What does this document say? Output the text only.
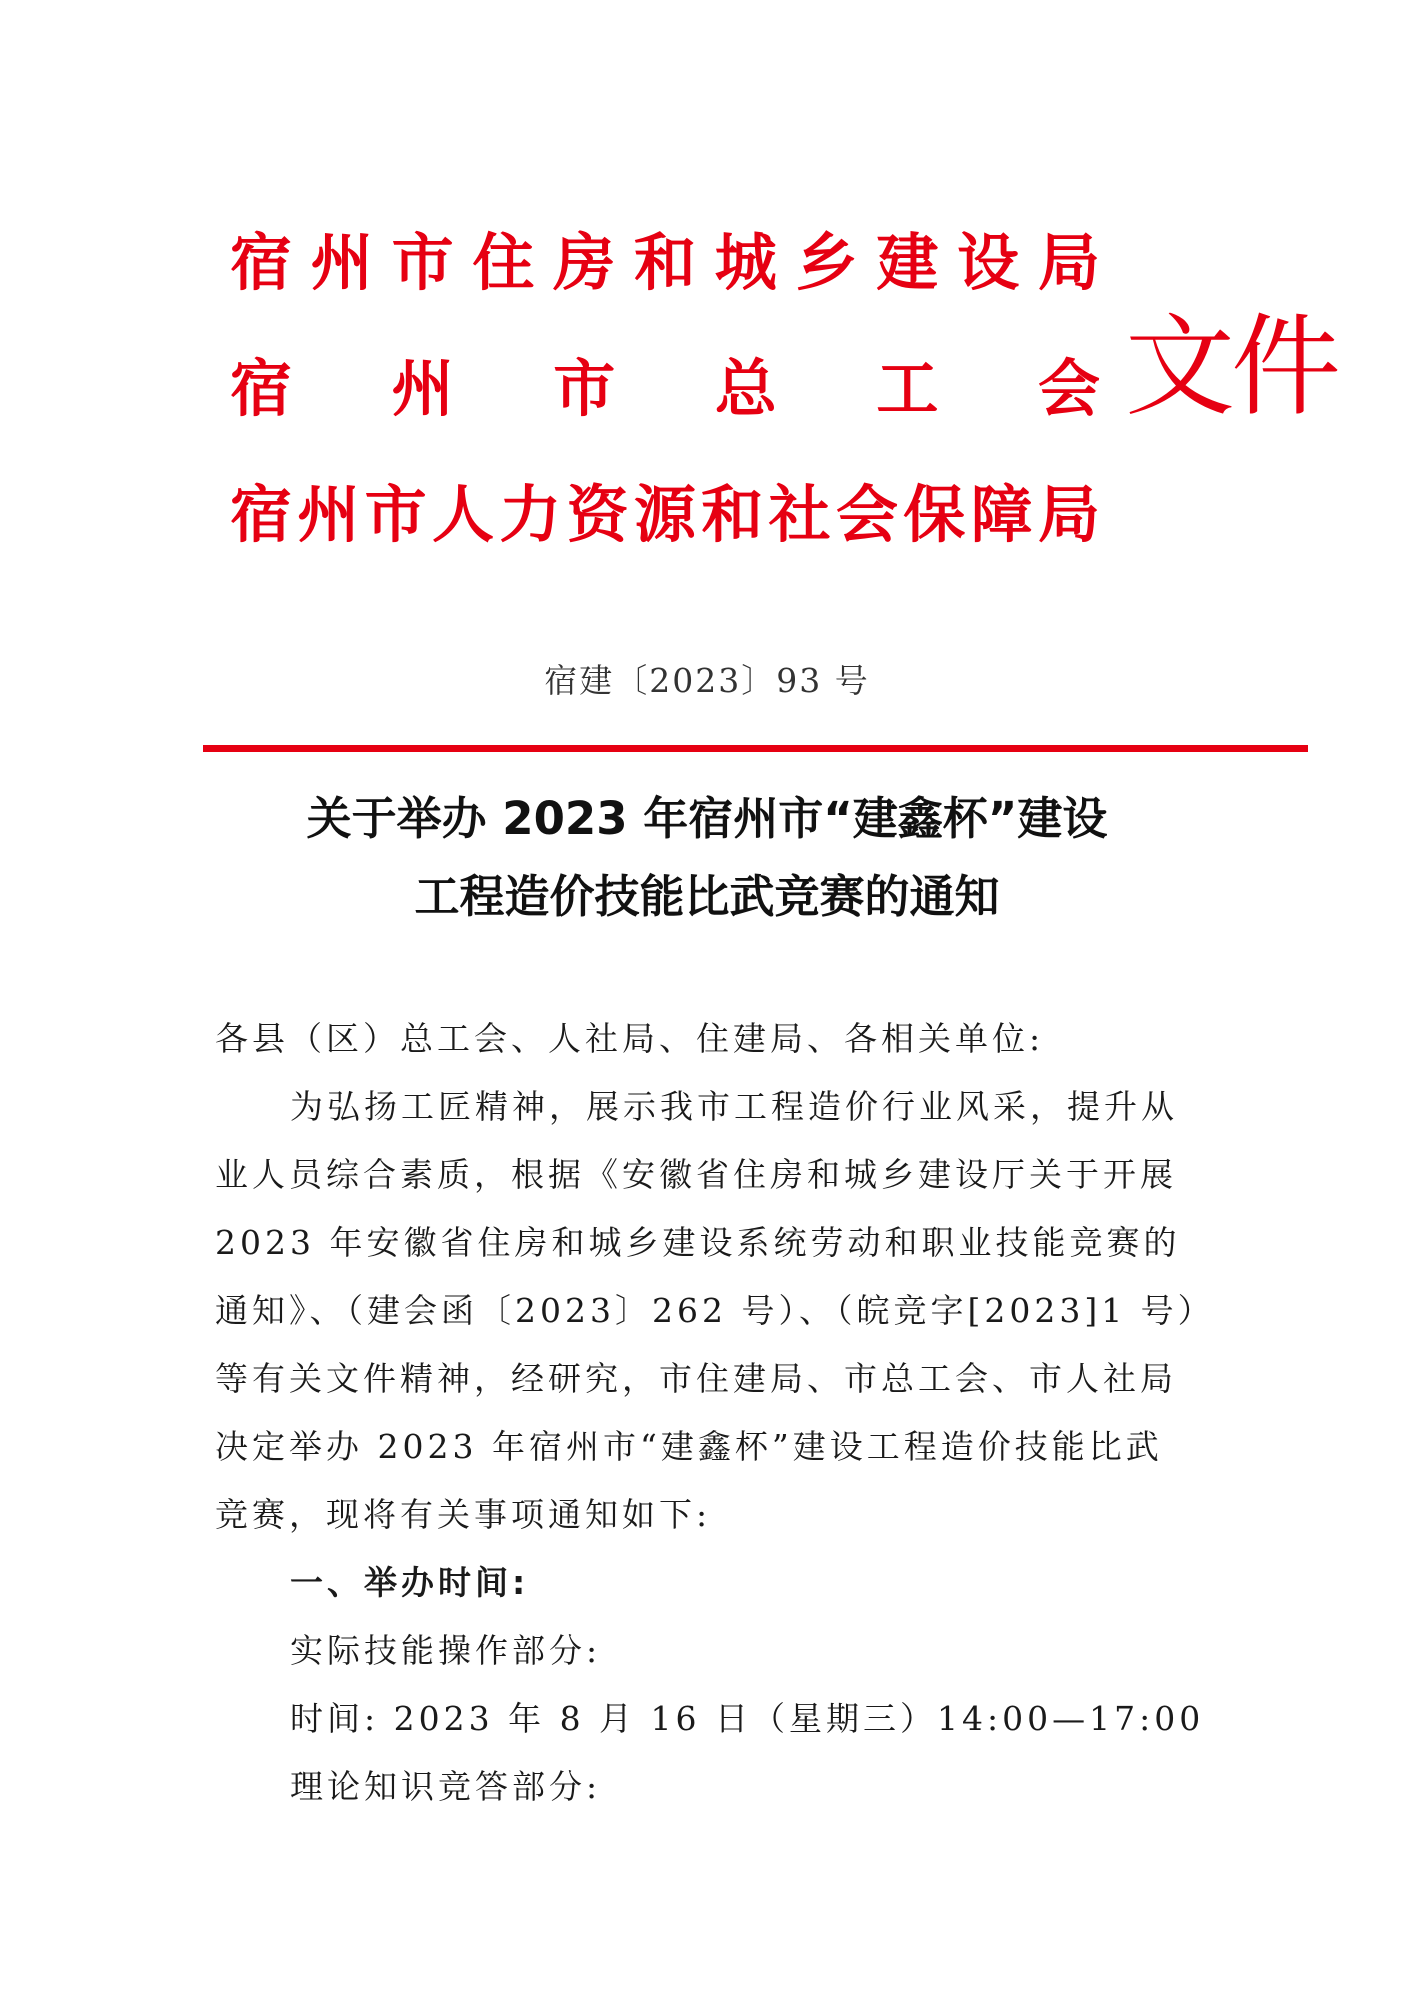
宿 州 市 住 房 和 城 乡 建 设 局
宿 州 市 总 工 会
宿 州 市 人 力 资 源 和 社 会 保 障 局
文件
宿建〔2023〕93 号
关于举办 2023 年宿州市“建鑫杯”建设
工程造价技能比武竞赛的通知

各县（区）总工会、人社局、住建局、各相关单位:

为弘扬工匠精神，展示我市工程造价行业风采，提升从

业人员综合素质，根据《安徽省住房和城乡建设厅关于开展

2023 年安徽省住房和城乡建设系统劳动和职业技能竞赛的

通知》、（建会函〔2023〕262 号）、（皖竞字[2023]1 号）

等有关文件精神，经研究，市住建局、市总工会、市人社局

决定举办 2023 年宿州市“建鑫杯”建设工程造价技能比武

竞赛，现将有关事项通知如下:

一、举办时间:

实际技能操作部分:

时间: 2023 年 8 月 16 日（星期三）14:00—17:00

理论知识竞答部分:
